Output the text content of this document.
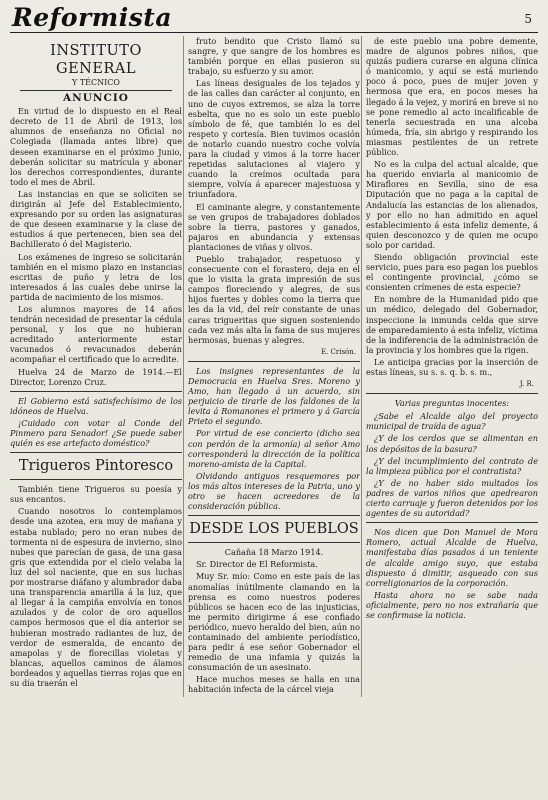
Reformista	5
INSTITUTO GENERAL
Y TÉCNICO
ANUNCIO

En virtud de lo dispuesto en el Real decreto de 11 de Abril de 1913, los alumnos de enseñanza no Oficial no Colegiada (llamada antes libre) que deseen examinarse en el próximo Junio, deberán solicitar su matrícula y abonar los derechos correspondientes, durante todo el mes de Abril.

Las instancias en que se soliciten se dirigirán al Jefe del Establecimiento, expresando por su orden las asignaturas de que deseen examinarse y la clase de estudios á que pertenecen, bien sea del Bachillerato ó del Magisterio.

Los exámenes de ingreso se solicitarán también en el mismo plazo en instancias escritas de puño y letra de los interesados á las cuales debe unirse la partida de nacimiento de los mismos.

Los alumnos mayores de 14 años tendrán necesidad de presentar la cédula personal, y los que no hubieran acreditado anteriormente estar vacunados ó revacunados deberán acompañar el certificado que lo acredite.

Huelva 24 de Marzo de 1914.—El Director, Lorenzo Cruz.

El Gobierno está satisfechísimo de los idóneos de Huelva.

¡Cuidado con votar al Conde del Pinmero para Senador! ¿Se puede saber quién es ese artefacto doméstico?

Trigueros Pintoresco

También tiene Trigueros su poesía y sus encantos.

Cuando nosotros lo contemplamos desde una azotea, era muy de mañana y estaba nublado; pero no eran nubes de tormenta ni de espesura de invierno, sino nubes que parecían de gasa, de una gasa gris que extendida por el cielo velaba la luz del sol naciente, que en sus luchas por mostrarse diáfano y alumbrador daba una transparencia amarilla á la luz, que al llegar á la campiña envolvía en tonos azulados y de color de oro aquellos campos hermosos que el día anterior se hubieran mostrado radiantes de luz, de verdor de esmeralda, de encanto de amapolas y de florecillas violetas y blancas, aquellos caminos de álamos bordeados y aquellas tierras rojas que en su día traerán el

fruto bendito que Cristo llamó su sangre, y que sangre de los hombres es también porque en ellas pusieron su trabajo, su esfuerzo y su amor.

Las líneas desiguales de los tejados y de las calles dan carácter al conjunto, en uno de cuyos extremos, se alza la torre esbelta, que no es solo un este pueblo símbolo de fé, que también lo es del respeto y cortesía. Bien tuvimos ocasión de notarlo cuando nuestro coche volvía para la ciudad y vimos á la torre hacer repetidas salutaciones al viajero y cuando la creímos ocultada para siempre, volvía á aparecer majestuosa y triunfadora.

El caminante alegre, y constantemente se ven grupos de trabajadores doblados sobre la tierra, pastores y ganados, pajaros en abundancia y extensas plantaciones de viñas y olivos.

Pueblo trabajador, respetuoso y consecuente con el forastero, deja en el que lo visita la grata impresión de sus campos floreciendo y alegres, de sus hijos fuertes y dobles como la tierra que les da la vid, del reír constante de unas caras trigueritas que siguen sosteniendo cada vez más alta la fama de sus mujeres hermosas, buenas y alegres.

E. Crisón.

Los insignes representantes de la Democracia en Huelva Sres. Moreno y Amo, han llegado á un acuerdo, sin perjuicio de tirarle de los faldones de la levita á Romanones el primero y á García Prieto el segundo.

Por virtud de ese concierto (dicho sea con perdón de la armonía) al señor Amo corresponderá la dirección de la política moreno-amista de la Capital.

Olvidando antiguos resquemores por los más altos intereses de la Patria, uno y otro se hacen acreedores de la consideración pública.

DESDE LOS PUEBLOS
Cañaña 18 Marzo 1914.
Sr. Director de El Reformista.

Muy Sr. mío: Como en este país de las anomalías ínútilmente clamando en la prensa es como nuestros poderes públicos se hacen eco de las injusticias, me permito dirigirme á ese confiado periódico, nuevo heraldo del bien, aún no contaminado del ambiente periodístico, para pedir á ese señor Gobernador el remedio de una infamia y quizás la consumación de un asesinato.

Hace muchos meses se halla en una habitación infecta de la cárcel vieja

de este pueblo una pobre demente, madre de algunos pobres niños, que quizás pudiera curarse en alguna clínica ó manicomio, y aquí se está muriendo poco á poco, pues de mujer joven y hermosa que era, en pocos meses ha llegado á la vejez, y morirá en breve si no se pone remedio al acto incalificable de tenerla secuestrada en una alcoba húmeda, fría, sin abrigo y respirando los miasmas pestilentes de un retrete público.

No es la culpa del actual alcalde, que ha querido enviarla al manicomio de Miraflores en Sevilla, sino de esa Diputación que no paga a la capital de Andalucía las estancias de los alienados, y por ello no han admitido en aquel establecimiento á esta infeliz demente, á quien desconozco y de quien me ocupo solo por caridad.

Siendo obligación provincial este servicio, pues para eso pagan los pueblos el contingente provincial, ¿cómo se consienten crímenes de esta especie?

En nombre de la Humanidad pido que un médico, delegado del Gobernador, inspeccione la inmunda celda que sirve de emparedamiento á esta infeliz, víctima de la indiferencia de la administración de la provincia y los hombres que la rigen.

Le anticipa gracias por la inserción de estas líneas, su s. s. q. b. s. m.,

J. R.
Varias preguntas inocentes:

¿Sabe el Alcalde algo del proyecto municipal de traída de agua?

¿Y de los cerdos que se alimentan en los depósitos de la basura?

¿Y del incumplimiento del contrato de la limpieza pública por el contratista?

¿Y de no haber sido multados los padres de varios niños que apedrearon cierto carruaje y fueron detenidos por los agentes de su autoridad?

Nos dicen que Don Manuel de Mora Romero, actual Alcalde de Huelva, manifestaba días pasados á un teniente de alcalde amigo suyo, que estaba dispuesto á dimitir, asqueado con sus correligionarios de la corporación.

Hasta ahora no se sabe nada oficialmente, pero no nos extrañaría que se confirmase la noticia.
